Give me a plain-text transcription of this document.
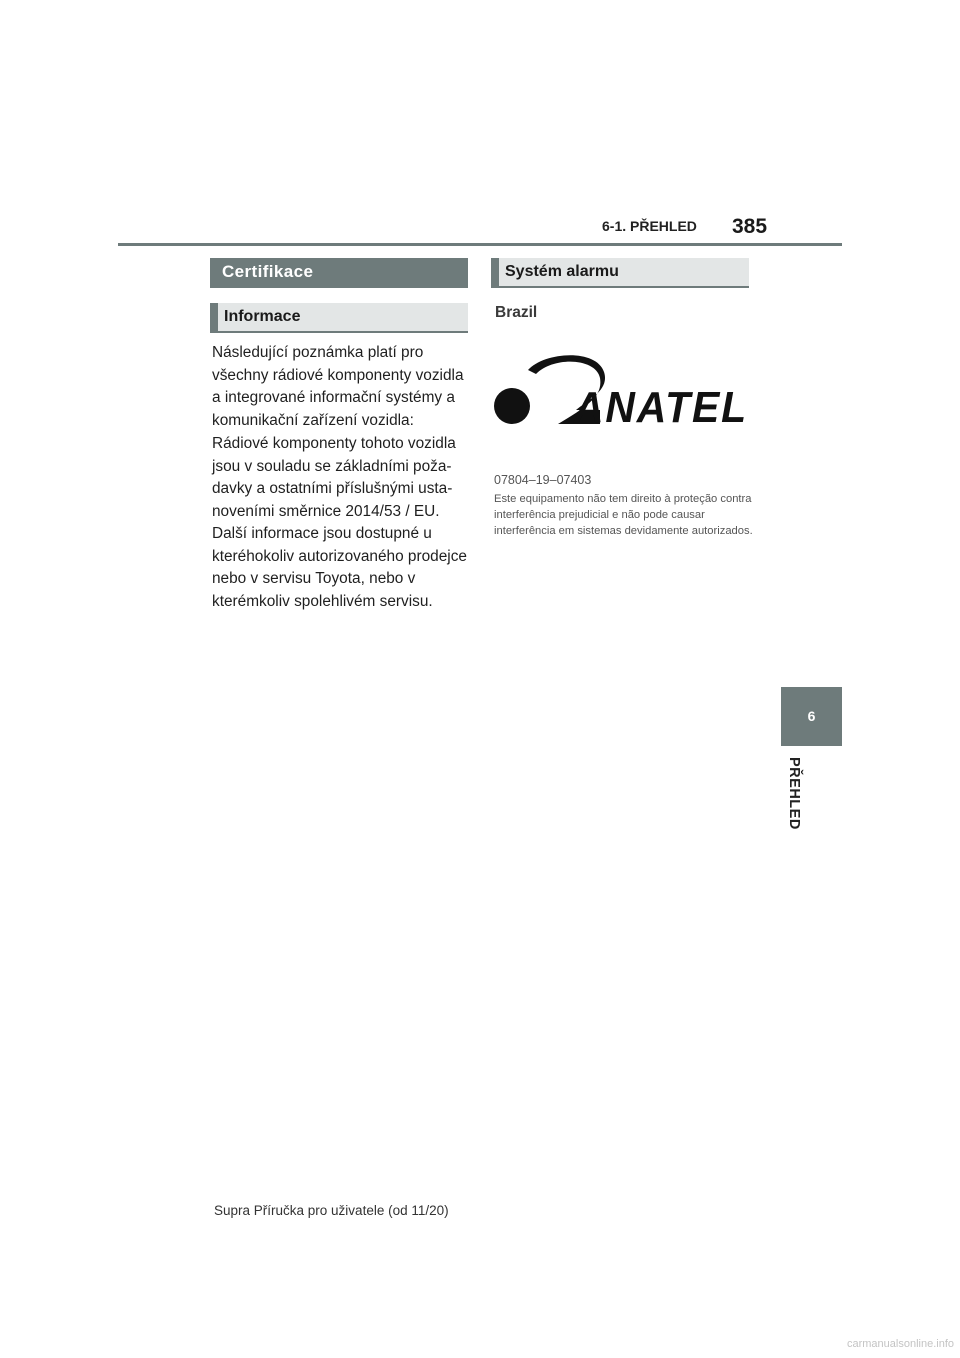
6-1. PŘEHLED 385
Certifikace
Informace

Následující poznámka platí pro všechny rádiové komponenty vozidla a integrované informační systémy a komunikační zařízení vozidla:

Rádiové komponenty tohoto vozidla jsou v souladu se základními požadavky a ostatními příslušnými ustanoveními směrnice 2014/53 / EU. Další informace jsou dostupné u kteréhokoliv autorizovaného prodejce nebo v servisu Toyota, nebo v kterémkoliv spolehlivém servisu.

Systém alarmu
Brazil
ANATEL
07804–19–07403
Este equipamento não tem direito à proteção contra interferência prejudicial e não pode causar interferência em sistemas devidamente autorizados.
6
PŘEHLED
Supra Příručka pro uživatele (od 11/20)
carmanualsonline.info
